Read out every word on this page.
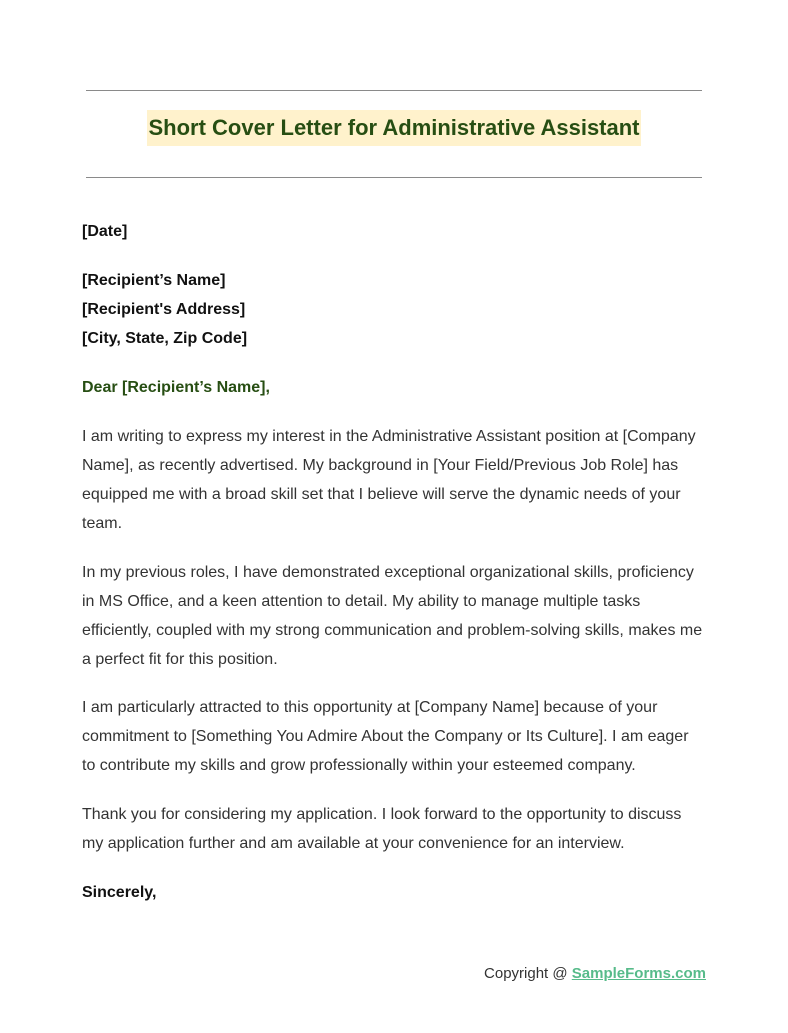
Short Cover Letter for Administrative Assistant

[Date]

[Recipient’s Name]

[Recipient's Address]

[City, State, Zip Code]

Dear [Recipient’s Name],

I am writing to express my interest in the Administrative Assistant position at [Company Name], as recently advertised. My background in [Your Field/Previous Job Role] has equipped me with a broad skill set that I believe will serve the dynamic needs of your team.

In my previous roles, I have demonstrated exceptional organizational skills, proficiency in MS Office, and a keen attention to detail. My ability to manage multiple tasks efficiently, coupled with my strong communication and problem-solving skills, makes me a perfect fit for this position.

I am particularly attracted to this opportunity at [Company Name] because of your commitment to [Something You Admire About the Company or Its Culture]. I am eager to contribute my skills and grow professionally within your esteemed company.

Thank you for considering my application. I look forward to the opportunity to discuss my application further and am available at your convenience for an interview.

Sincerely,

Copyright @ SampleForms.com
